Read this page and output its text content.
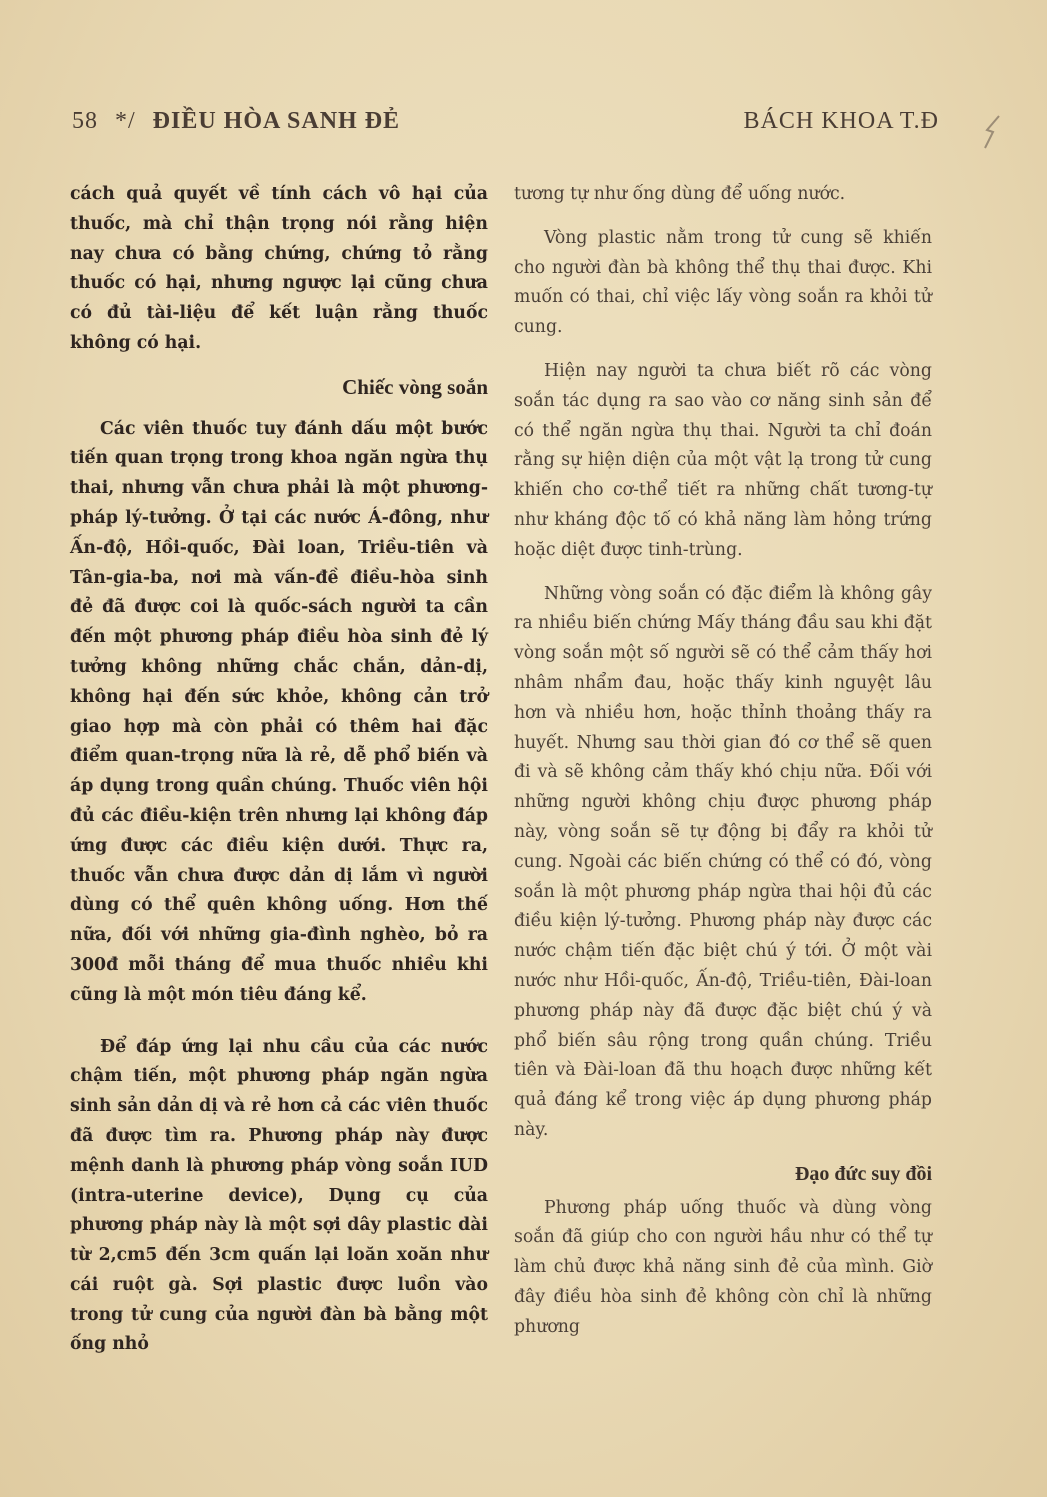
58 */ ĐIỀU HÒA SANH ĐẺ	BÁCH KHOA T.Đ

cách quả quyết về tính cách vô hại của thuốc, mà chỉ thận trọng nói rằng hiện nay chưa có bằng chứng, chứng tỏ rằng thuốc có hại, nhưng ngược lại cũng chưa có đủ tài-liệu để kết luận rằng thuốc không có hại.

Chiếc vòng soắn

Các viên thuốc tuy đánh dấu một bước tiến quan trọng trong khoa ngăn ngừa thụ thai, nhưng vẫn chưa phải là một phương-pháp lý-tưởng. Ở tại các nước Á-đông, như Ấn-độ, Hồi-quốc, Đài loan, Triều-tiên và Tân-gia-ba, nơi mà vấn-đề điều-hòa sinh đẻ đã được coi là quốc-sách người ta cần đến một phương pháp điều hòa sinh đẻ lý tưởng không những chắc chắn, dản-dị, không hại đến sức khỏe, không cản trở giao hợp mà còn phải có thêm hai đặc điểm quan-trọng nữa là rẻ, dễ phổ biến và áp dụng trong quần chúng. Thuốc viên hội đủ các điều-kiện trên nhưng lại không đáp ứng được các điều kiện dưới. Thực ra, thuốc vẫn chưa được dản dị lắm vì người dùng có thể quên không uống. Hơn thế nữa, đối với những gia-đình nghèo, bỏ ra 300đ mỗi tháng để mua thuốc nhiều khi cũng là một món tiêu đáng kể.

Để đáp ứng lại nhu cầu của các nước chậm tiến, một phương pháp ngăn ngừa sinh sản dản dị và rẻ hơn cả các viên thuốc đã được tìm ra. Phương pháp này được mệnh danh là phương pháp vòng soắn IUD (intra-uterine device), Dụng cụ của phương pháp này là một sợi dây plastic dài từ 2,cm5 đến 3cm quấn lại loăn xoăn như cái ruột gà. Sợi plastic được luồn vào trong tử cung của người đàn bà bằng một ống nhỏ

tương tự như ống dùng để uống nước.

Vòng plastic nằm trong tử cung sẽ khiến cho người đàn bà không thể thụ thai được. Khi muốn có thai, chỉ việc lấy vòng soắn ra khỏi tử cung.

Hiện nay người ta chưa biết rõ các vòng soắn tác dụng ra sao vào cơ năng sinh sản để có thể ngăn ngừa thụ thai. Người ta chỉ đoán rằng sự hiện diện của một vật lạ trong tử cung khiến cho cơ-thể tiết ra những chất tương-tự như kháng độc tố có khả năng làm hỏng trứng hoặc diệt được tinh-trùng.

Những vòng soắn có đặc điểm là không gây ra nhiều biến chứng Mấy tháng đầu sau khi đặt vòng soắn một số người sẽ có thể cảm thấy hơi nhâm nhẩm đau, hoặc thấy kinh nguyệt lâu hơn và nhiều hơn, hoặc thỉnh thoảng thấy ra huyết. Nhưng sau thời gian đó cơ thể sẽ quen đi và sẽ không cảm thấy khó chịu nữa. Đối với những người không chịu được phương pháp này, vòng soắn sẽ tự động bị đẩy ra khỏi tử cung. Ngoài các biến chứng có thể có đó, vòng soắn là một phương pháp ngừa thai hội đủ các điều kiện lý-tưởng. Phương pháp này được các nước chậm tiến đặc biệt chú ý tới. Ở một vài nước như Hồi-quốc, Ấn-độ, Triều-tiên, Đài-loan phương pháp này đã được đặc biệt chú ý và phổ biến sâu rộng trong quần chúng. Triều tiên và Đài-loan đã thu hoạch được những kết quả đáng kể trong việc áp dụng phương pháp này.

Đạo đức suy đồi

Phương pháp uống thuốc và dùng vòng soắn đã giúp cho con người hầu như có thể tự làm chủ được khả năng sinh đẻ của mình. Giờ đây điều hòa sinh đẻ không còn chỉ là những phương
